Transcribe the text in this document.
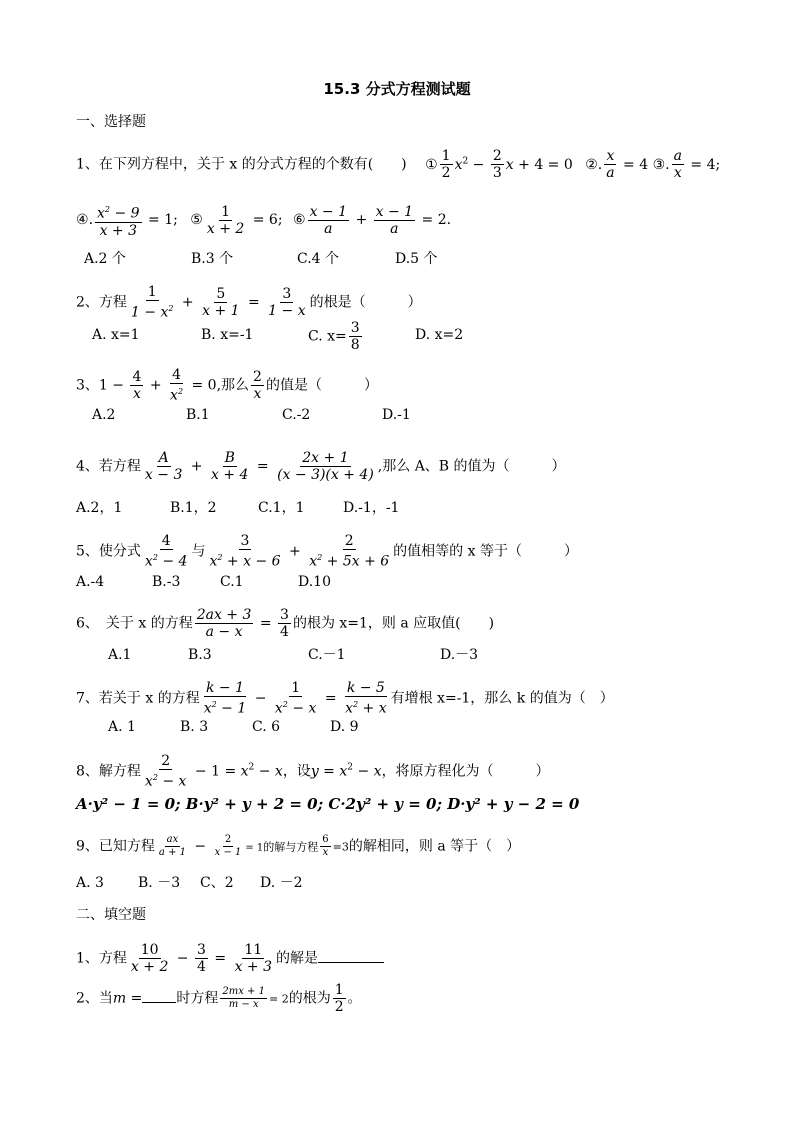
15.3 分式方程测试题
一、选择题
1、在下列方程中，关于 x 的分式方程的个数有(　　) ① $\frac{1}{2} x^2 - \frac{2}{3}$ x + 4 = 0 ②. $\frac{x}{a} = 4$ ③. $\frac{a}{x} = 4$;
④. $\frac{x^2 - 9}{x + 3} = 1$; ⑤ $\frac{1}{x + 2} = 6$; ⑥ $\frac{x - 1}{a} + \frac{x - 1}{a} = 2$.
A.2 个	B.3 个	C.4 个	D.5 个
2、方程 $\frac{1}{1 - x^2} + \frac{5}{x + 1} = \frac{3}{1 - x}$ 的根是（　　　）
A. x=1	B. x=-1	C. $x= \frac{3}{8}$	D. x=2
3、$1 - \frac{4}{x} + \frac{4}{x^2} = 0$,那么 $\frac{2}{x}$ 的值是（　　　）
A.2	B.1	C.-2	D.-1
4、若方程 $\frac{A}{x - 3} + \frac{B}{x + 4} = \frac{2x + 1}{(x - 3)(x + 4)}$ ,那么 A、B 的值为（　　　）
A.2，1	B.1，2	C.1，1	D.-1，-1
5、使分式 $\frac{4}{x^2 - 4}$ 与 $\frac{3}{x^2 + x - 6} + \frac{2}{x^2 + 5x + 6}$ 的值相等的 x 等于（　　　）
A.-4	B.-3	C.1	D.10
6、　关于 x 的方程 $\frac{2ax + 3}{a - x} = \frac{3}{4}$ 的根为 x=1，则 a 应取值(　　)
A.1	B.3	C.－1	D.－3
7、若关于 x 的方程 $\frac{k - 1}{x^2 - 1} - \frac{1}{x^2 - x} = \frac{k - 5}{x^2 + x}$ 有增根 x=-1，那么 k 的值为（　）
A. 1	B. 3	C. 6	D. 9
8、解方程 $\frac{2}{x^2 - x} - 1 = x^2 - x$，设$y = x^2 - x$，将原方程化为（　　　）
A·y² − 1 = 0; B·y² + y + 2 = 0; C·2y² + y = 0; D·y² + y − 2 = 0
9、已知方程 $\frac{ax}{a + 1} - \frac{2}{x - 1} = 1$的解与方程 $\frac{6}{x} =3$的解相同，则 a 等于（　）
A. 3 B. －3 C、2 D. －2
二、填空题
1、方程 $\frac{10}{x + 2} - \frac{3}{4} = \frac{11}{x + 3}$ 的解是
2、当m = 时方程 $\frac{2mx + 1}{m - x} = 2$的根为 $\frac{1}{2}$ 。
